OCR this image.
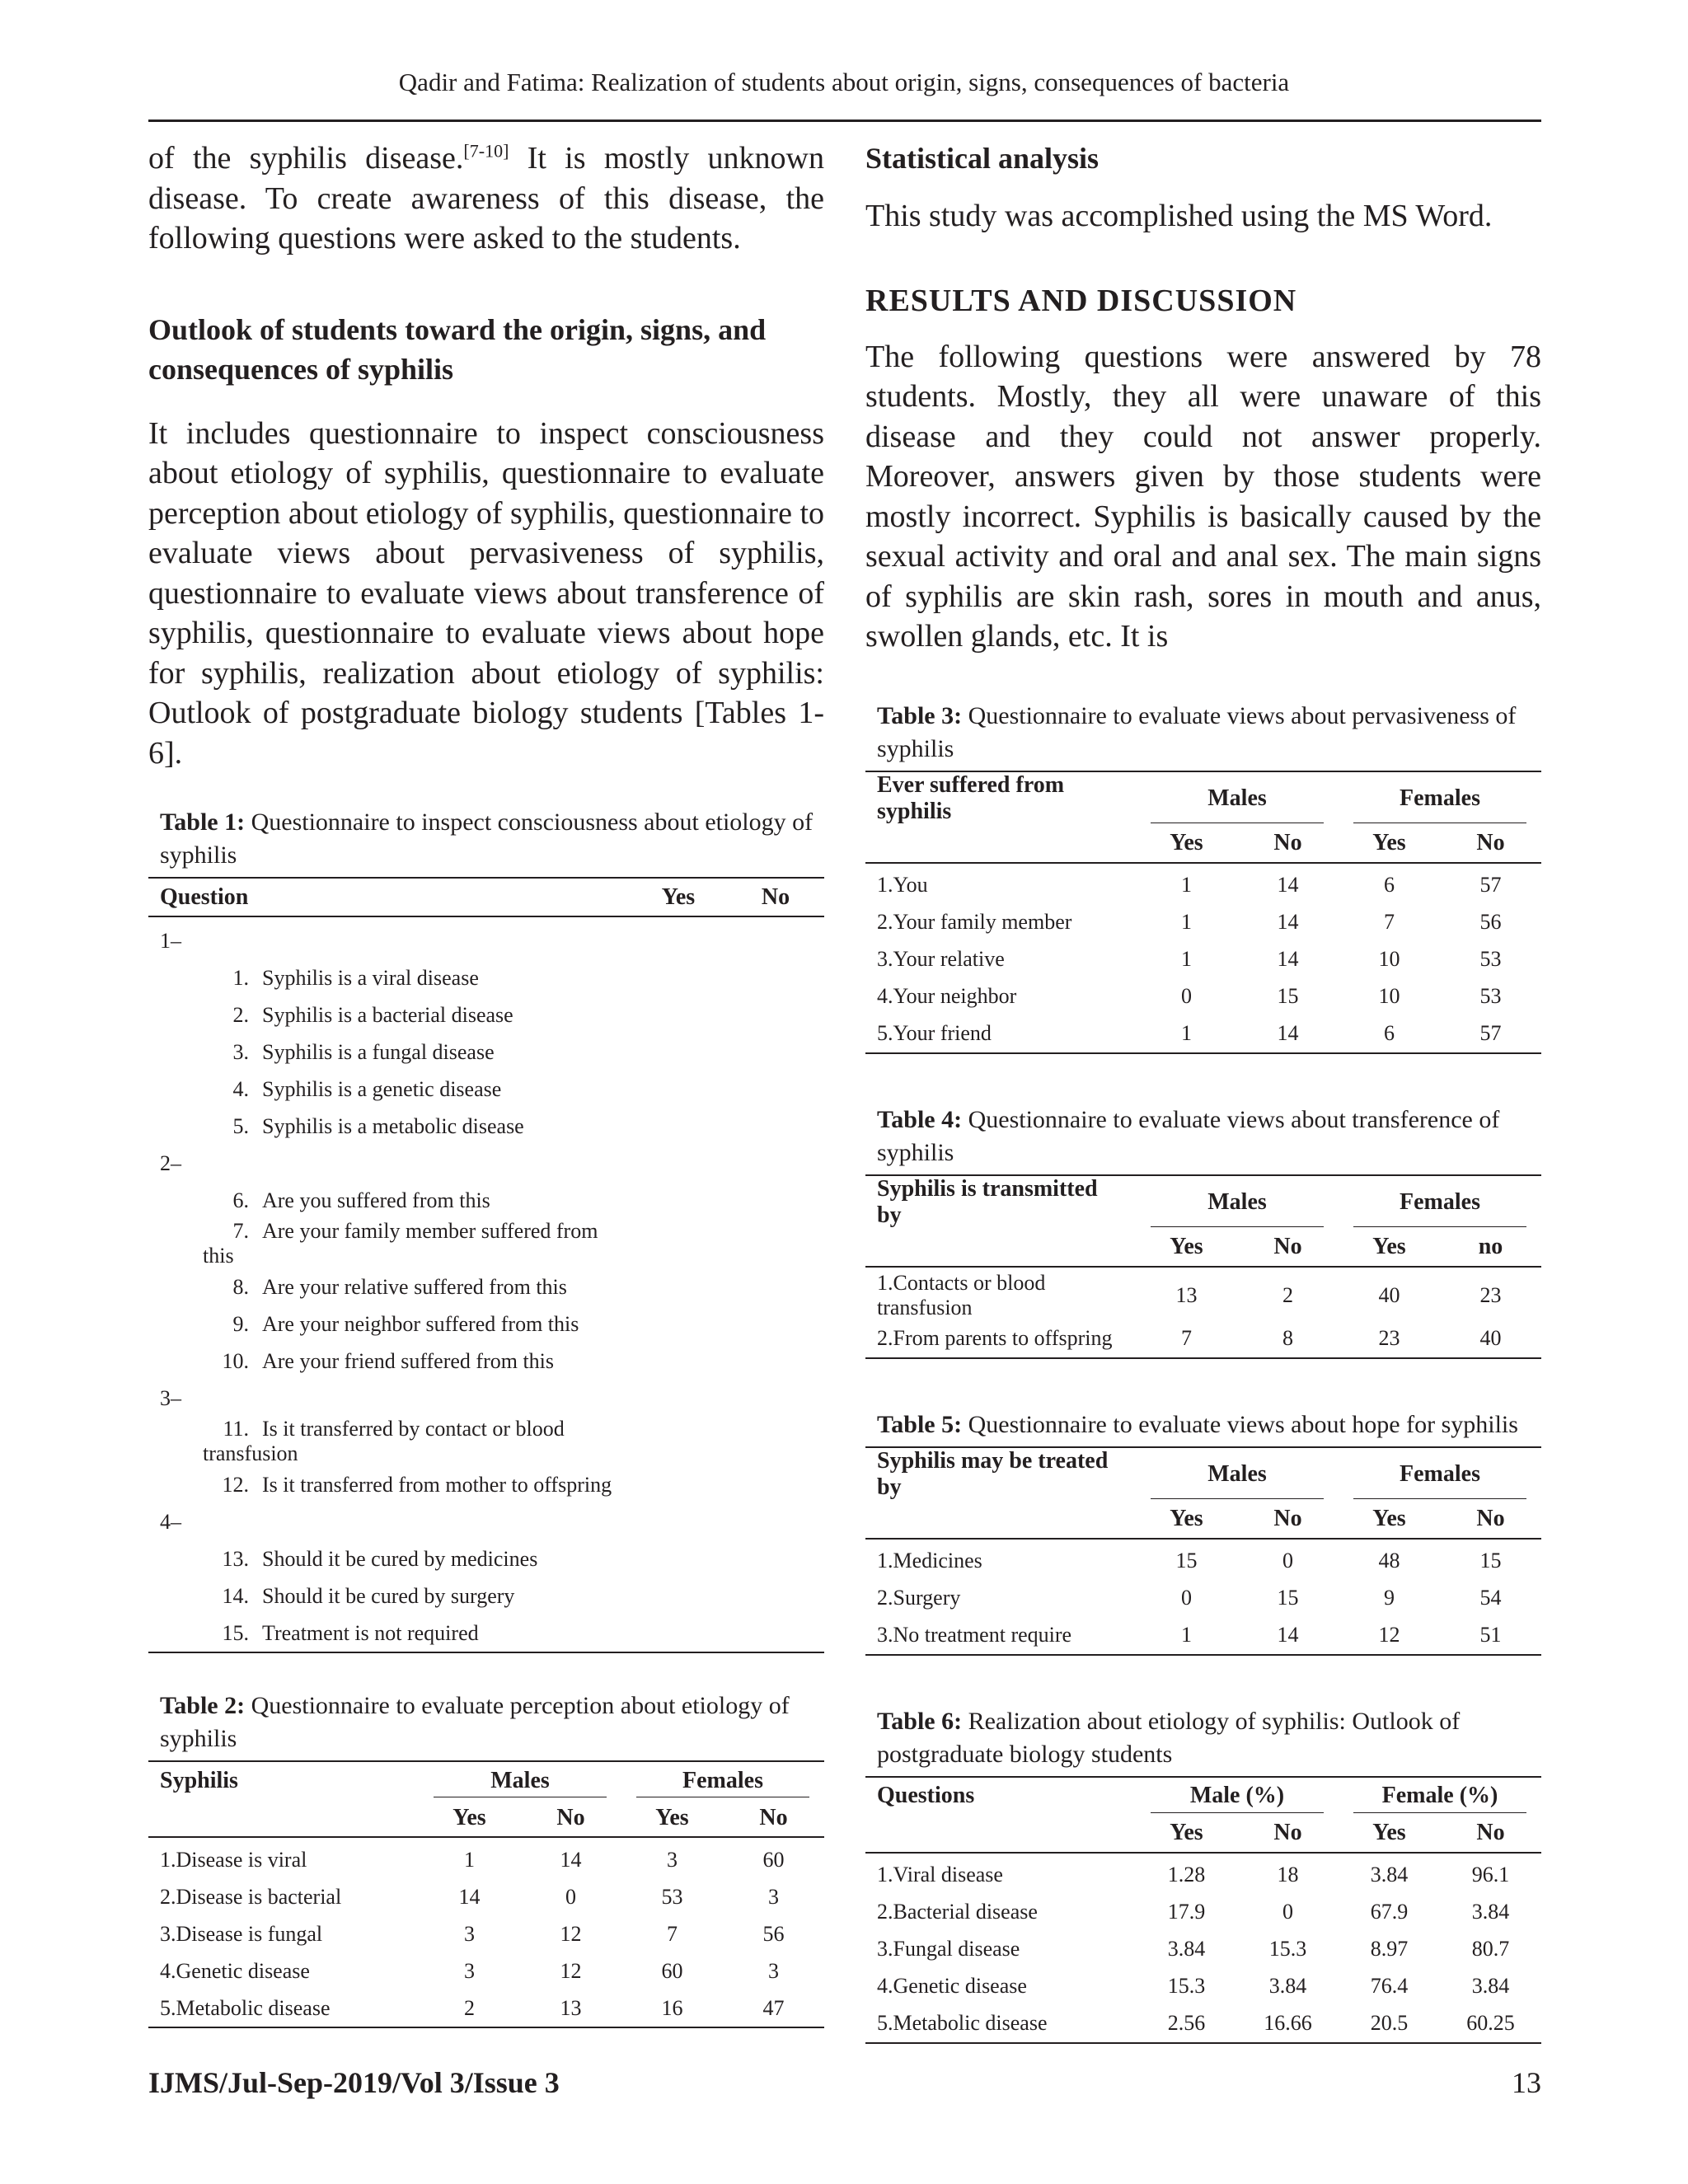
Qadir and Fatima: Realization of students about origin, signs, consequences of bacteria

of the syphilis disease.[7-10] It is mostly unknown disease. To create awareness of this disease, the following questions were asked to the students.

Outlook of students toward the origin, signs, and consequences of syphilis

It includes questionnaire to inspect consciousness about etiology of syphilis, questionnaire to evaluate perception about etiology of syphilis, questionnaire to evaluate views about pervasiveness of syphilis, questionnaire to evaluate views about transference of syphilis, questionnaire to evaluate views about hope for syphilis, realization about etiology of syphilis: Outlook of postgraduate biology students [Tables 1-6].

Table 1: Questionnaire to inspect consciousness about etiology of syphilis
Question	Yes	No
1–		
1. Syphilis is a viral disease		
2. Syphilis is a bacterial disease		
3. Syphilis is a fungal disease		
4. Syphilis is a genetic disease		
5. Syphilis is a metabolic disease		
2–		
6. Are you suffered from this		
7. Are your family member suffered from this		
8. Are your relative suffered from this		
9. Are your neighbor suffered from this		
10. Are your friend suffered from this		
3–		
11. Is it transferred by contact or blood transfusion		
12. Is it transferred from mother to offspring		
4–		
13. Should it be cured by medicines		
14. Should it be cured by surgery		
15. Treatment is not required		
Table 2: Questionnaire to evaluate perception about etiology of syphilis
Syphilis	Males		Females	

	Yes	No	Yes	No
1.Disease is viral	1	14	3	60
2.Disease is bacterial	14	0	53	3
3.Disease is fungal	3	12	7	56
4.Genetic disease	3	12	60	3
5.Metabolic disease	2	13	16	47
Statistical analysis

This study was accomplished using the MS Word.

RESULTS AND DISCUSSION

The following questions were answered by 78 students. Mostly, they all were unaware of this disease and they could not answer properly. Moreover, answers given by those students were mostly incorrect. Syphilis is basically caused by the sexual activity and oral and anal sex. The main signs of syphilis are skin rash, sores in mouth and anus, swollen glands, etc. It is

Table 3: Questionnaire to evaluate views about pervasiveness of syphilis
Ever suffered from syphilis	Males		Females	

	Yes	No	Yes	No
1.You	1	14	6	57
2.Your family member	1	14	7	56
3.Your relative	1	14	10	53
4.Your neighbor	0	15	10	53
5.Your friend	1	14	6	57
Table 4: Questionnaire to evaluate views about transference of syphilis
Syphilis is transmitted by	Males		Females	

	Yes	No	Yes	no
1.Contacts or blood transfusion	13	2	40	23
2.From parents to offspring	7	8	23	40
Table 5: Questionnaire to evaluate views about hope for syphilis
Syphilis may be treated by	Males		Females	

	Yes	No	Yes	No
1.Medicines	15	0	48	15
2.Surgery	0	15	9	54
3.No treatment require	1	14	12	51
Table 6: Realization about etiology of syphilis: Outlook of postgraduate biology students
Questions	Male (%)		Female (%)	

	Yes	No	Yes	No
1.Viral disease	1.28	18	3.84	96.1
2.Bacterial disease	17.9	0	67.9	3.84
3.Fungal disease	3.84	15.3	8.97	80.7
4.Genetic disease	15.3	3.84	76.4	3.84
5.Metabolic disease	2.56	16.66	20.5	60.25
IJMS/Jul-Sep-2019/Vol 3/Issue 3	13
